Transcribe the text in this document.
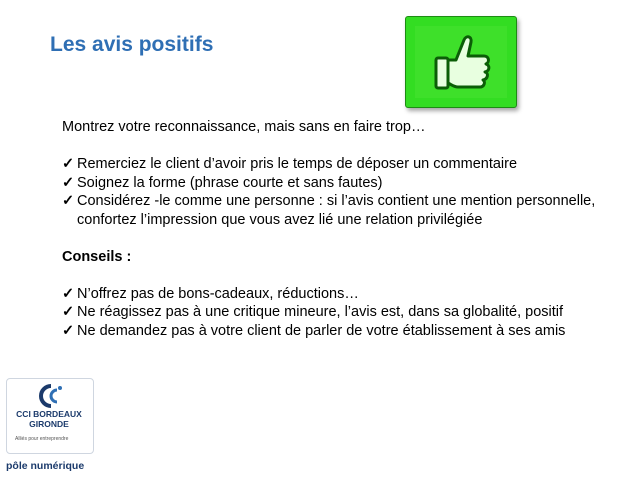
Les avis positifs

Montrez votre reconnaissance, mais sans en faire trop…

✓ Remerciez le client d’avoir pris le temps de déposer un commentaire
✓ Soignez la forme (phrase courte et sans fautes)
✓ Considérez -le comme une personne : si l’avis contient une mention personnelle, confortez l’impression que vous avez lié une relation privilégiée

Conseils :

✓ N’offrez pas de bons-cadeaux, réductions…
✓ Ne réagissez pas à une critique mineure, l’avis est, dans sa globalité, positif
✓ Ne demandez pas à votre client de parler de votre établissement à ses amis
CCI BORDEAUX
GIRONDE
Alliés pour entreprendre
pôle numérique
